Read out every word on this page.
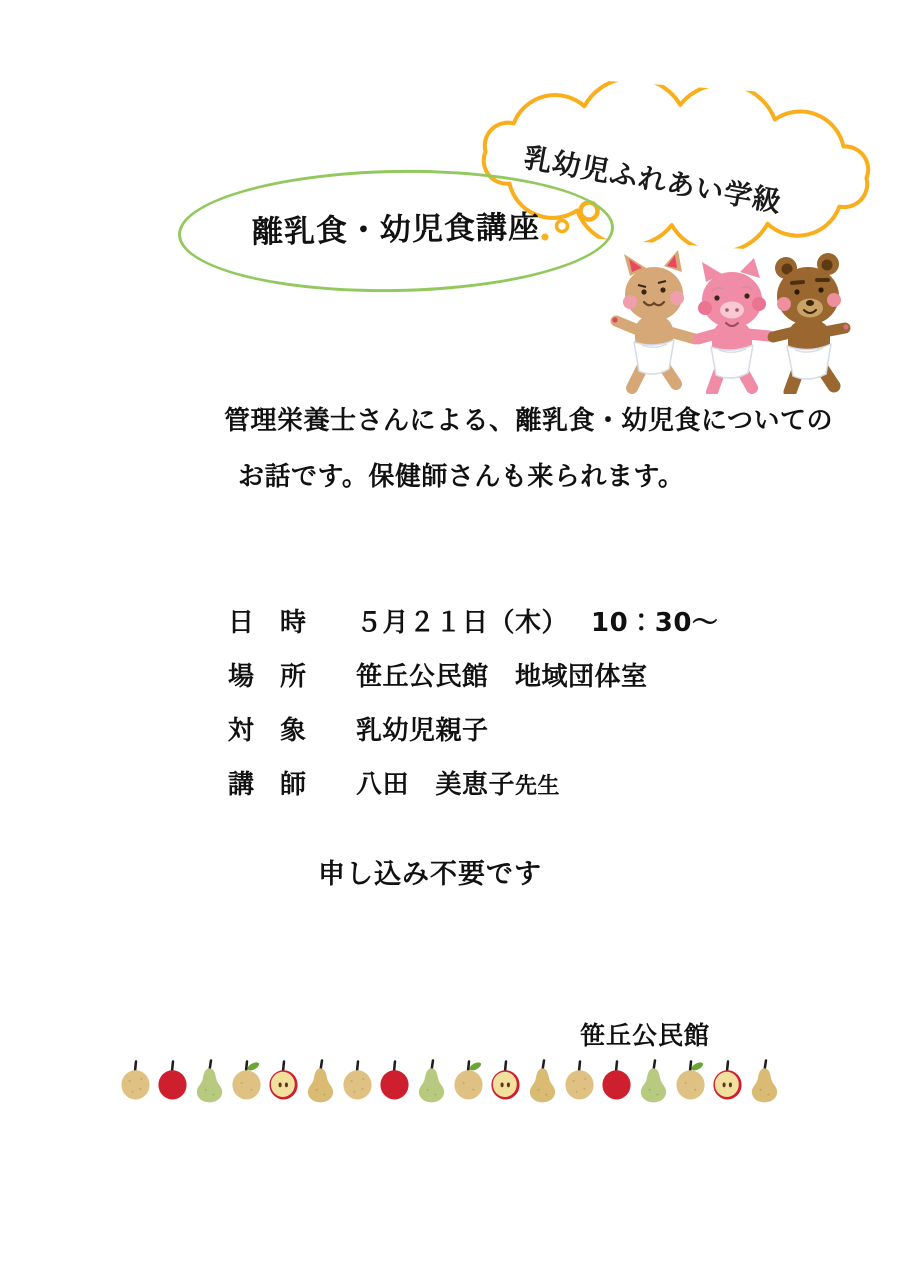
乳幼児ふれあい学級
離乳食・幼児食講座
管理栄養士さんによる、離乳食・幼児食についての
お話です。保健師さんも来られます。
日　時	５月２１日（木）　 10：30～
場　所	笹丘公民館　地域団体室
対　象	乳幼児親子
講　師	八田　美恵子先生
申し込み不要です
笹丘公民館
